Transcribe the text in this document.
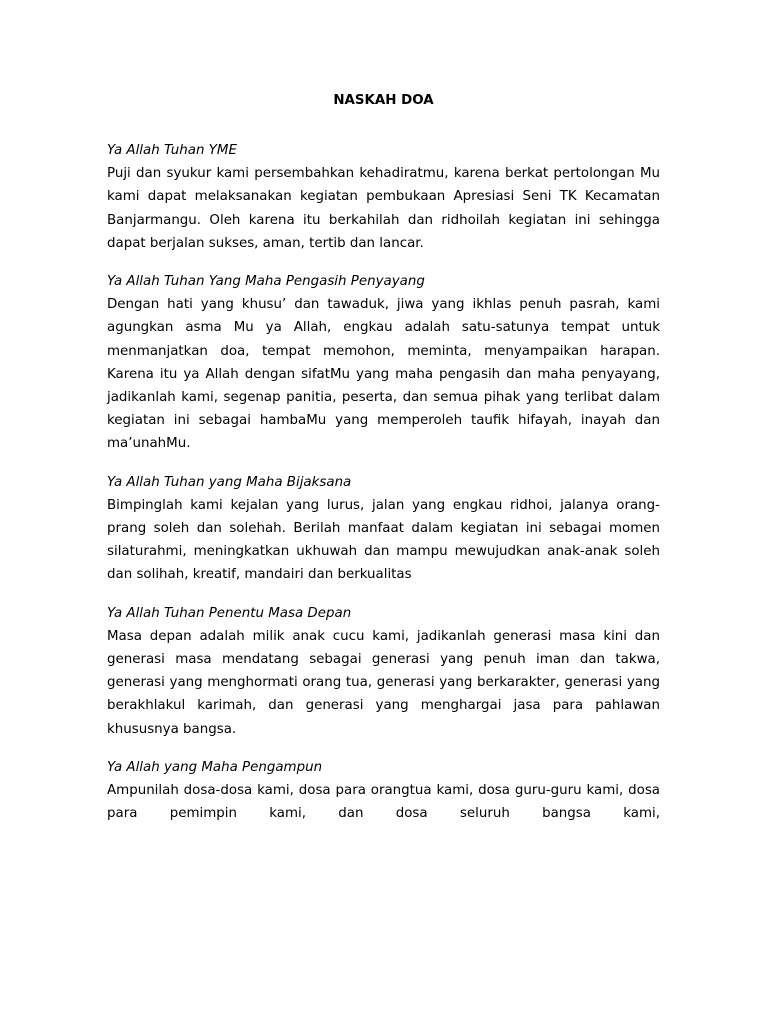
NASKAH DOA

Ya Allah Tuhan YME

Puji dan syukur kami persembahkan kehadiratmu, karena berkat pertolongan Mu kami dapat melaksanakan kegiatan pembukaan Apresiasi Seni TK Kecamatan Banjarmangu. Oleh karena itu berkahilah dan ridhoilah kegiatan ini sehingga dapat berjalan sukses, aman, tertib dan lancar.

Ya Allah Tuhan Yang Maha Pengasih Penyayang

Dengan hati yang khusu’ dan tawaduk, jiwa yang ikhlas penuh pasrah, kami agungkan asma Mu ya Allah, engkau adalah satu-satunya tempat untuk menmanjatkan doa, tempat memohon, meminta, menyampaikan harapan. Karena itu ya Allah dengan sifatMu yang maha pengasih dan maha penyayang, jadikanlah kami, segenap panitia, peserta, dan semua pihak yang terlibat dalam kegiatan ini sebagai hambaMu yang memperoleh taufik hifayah, inayah dan ma’unahMu.

Ya Allah Tuhan yang Maha Bijaksana

Bimpinglah kami kejalan yang lurus, jalan yang engkau ridhoi, jalanya orang-prang soleh dan solehah. Berilah manfaat dalam kegiatan ini sebagai momen silaturahmi, meningkatkan ukhuwah dan mampu mewujudkan anak-anak soleh dan solihah, kreatif, mandairi dan berkualitas

Ya Allah Tuhan Penentu Masa Depan

Masa depan adalah milik anak cucu kami, jadikanlah generasi masa kini dan generasi masa mendatang sebagai generasi yang penuh iman dan takwa, generasi yang menghormati orang tua, generasi yang berkarakter, generasi yang berakhlakul karimah, dan generasi yang menghargai jasa para pahlawan khususnya bangsa.

Ya Allah yang Maha Pengampun

Ampunilah dosa-dosa kami, dosa para orangtua kami, dosa guru-guru kami, dosa para pemimpin kami, dan dosa seluruh bangsa kami,
